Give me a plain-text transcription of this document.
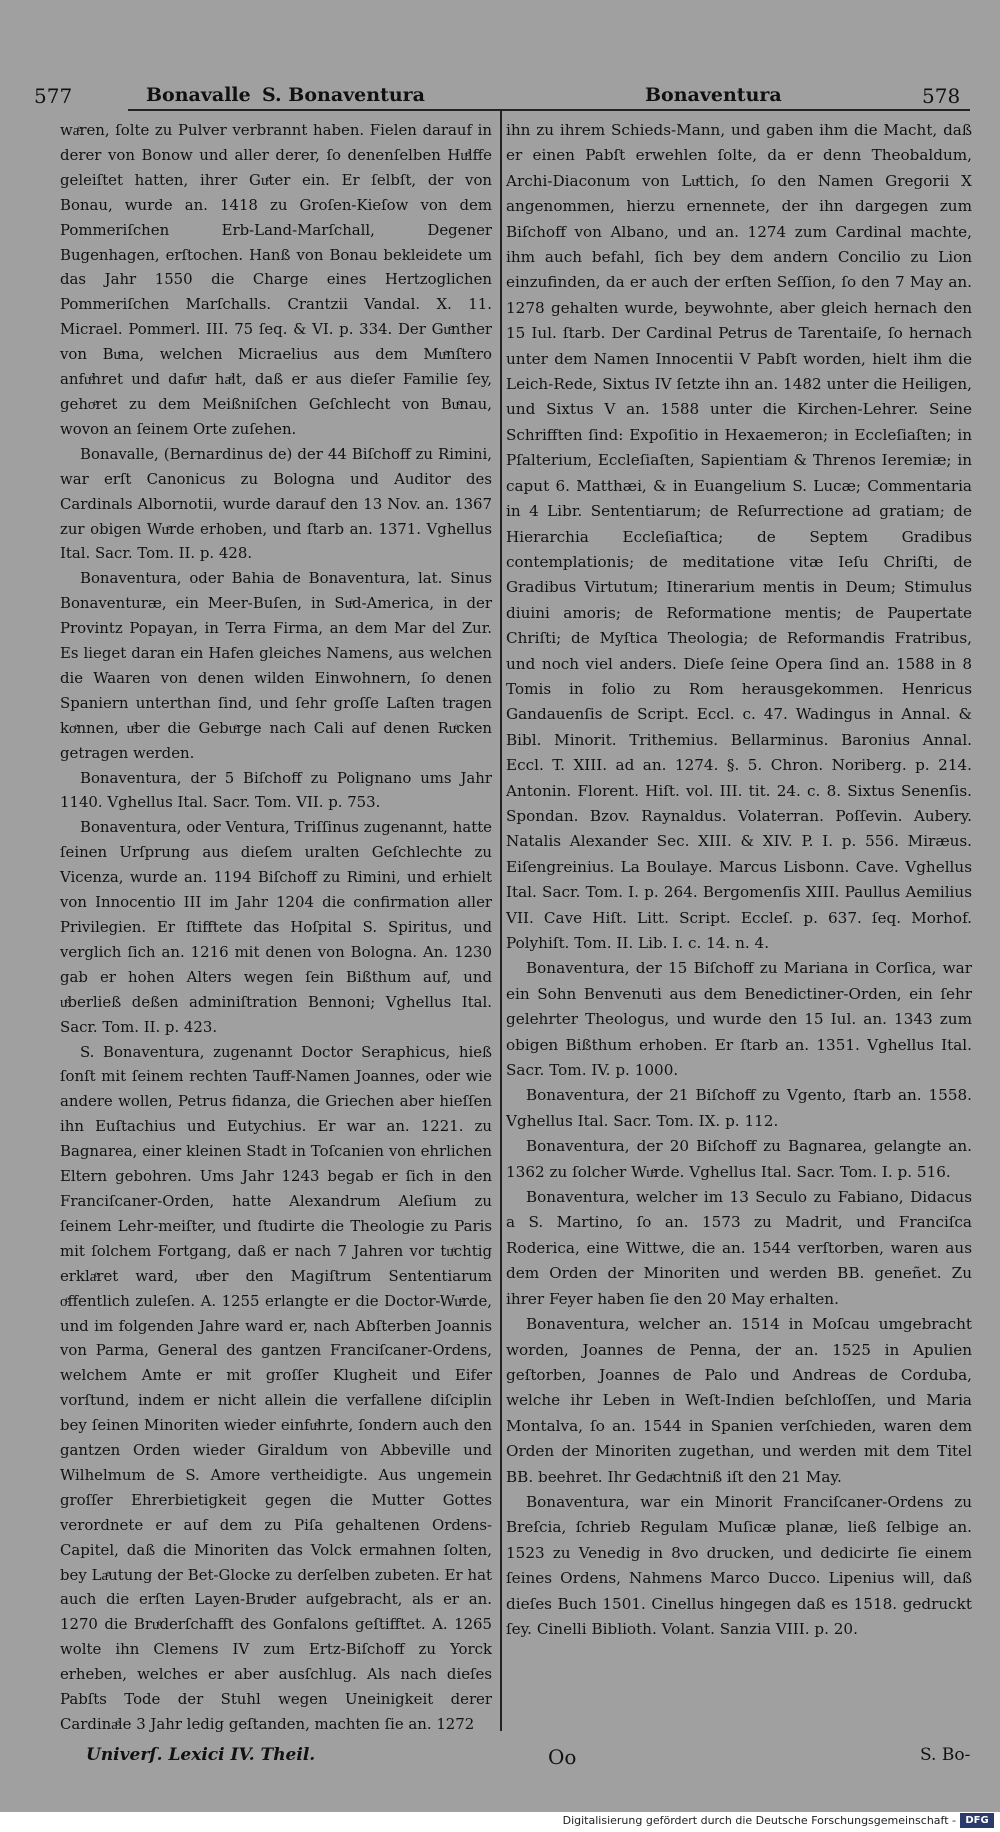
577	Bonavalle S. Bonaventura	Bonaventura	578

waͤren, ſolte zu Pulver verbrannt haben. Fielen darauf in derer von Bonow und aller derer, ſo denenſelben Huͤlffe geleiſtet hatten, ihrer Guͤter ein. Er ſelbſt, der von Bonau, wurde an. 1418 zu Groſen-Kieſow von dem Pommeriſchen Erb-Land-Marſchall, Degener Bugenhagen, erſtochen. Hanß von Bonau bekleidete um das Jahr 1550 die Charge eines Hertzoglichen Pommeriſchen Marſchalls. Crantzii Vandal. X. 11. Micrael. Pommerl. III. 75 ſeq. & VI. p. 334. Der Guͤnther von Buͤna, welchen Micraelius aus dem Muͤnſtero anfuͤhret und dafuͤr haͤlt, daß er aus dieſer Familie ſey, gehoͤret zu dem Meißniſchen Geſchlecht von Buͤnau, wovon an ſeinem Orte zuſehen.

Bonavalle, (Bernardinus de) der 44 Biſchoff zu Rimini, war erſt Canonicus zu Bologna und Auditor des Cardinals Albornotii, wurde darauf den 13 Nov. an. 1367 zur obigen Wuͤrde erhoben, und ſtarb an. 1371. Vghellus Ital. Sacr. Tom. II. p. 428.

Bonaventura, oder Bahia de Bonaventura, lat. Sinus Bonaventuræ, ein Meer-Buſen, in Suͤd-America, in der Provintz Popayan, in Terra Firma, an dem Mar del Zur. Es lieget daran ein Hafen gleiches Namens, aus welchen die Waaren von denen wilden Einwohnern, ſo denen Spaniern unterthan ſind, und ſehr groſſe Laſten tragen koͤnnen, uͤber die Gebuͤrge nach Cali auf denen Ruͤcken getragen werden.

Bonaventura, der 5 Biſchoff zu Polignano ums Jahr 1140. Vghellus Ital. Sacr. Tom. VII. p. 753.

Bonaventura, oder Ventura, Triſſinus zugenannt, hatte ſeinen Urſprung aus dieſem uralten Geſchlechte zu Vicenza, wurde an. 1194 Biſchoff zu Rimini, und erhielt von Innocentio III im Jahr 1204 die confirmation aller Privilegien. Er ſtifftete das Hoſpital S. Spiritus, und verglich ſich an. 1216 mit denen von Bologna. An. 1230 gab er hohen Alters wegen ſein Bißthum auf, und uͤberließ deßen adminiſtration Bennoni; Vghellus Ital. Sacr. Tom. II. p. 423.

S. Bonaventura, zugenannt Doctor Seraphicus, hieß ſonſt mit ſeinem rechten Tauff-Namen Joannes, oder wie andere wollen, Petrus fidanza, die Griechen aber hieſſen ihn Euſtachius und Eutychius. Er war an. 1221. zu Bagnarea, einer kleinen Stadt in Toſcanien von ehrlichen Eltern gebohren. Ums Jahr 1243 begab er ſich in den Franciſcaner-Orden, hatte Alexandrum Aleſium zu ſeinem Lehr-meiſter, und ſtudirte die Theologie zu Paris mit ſolchem Fortgang, daß er nach 7 Jahren vor tuͤchtig erklaͤret ward, uͤber den Magiſtrum Sententiarum oͤffentlich zuleſen. A. 1255 erlangte er die Doctor-Wuͤrde, und im folgenden Jahre ward er, nach Abſterben Joannis von Parma, General des gantzen Franciſcaner-Ordens, welchem Amte er mit groſſer Klugheit und Eifer vorſtund, indem er nicht allein die verfallene diſciplin bey ſeinen Minoriten wieder einfuͤhrte, ſondern auch den gantzen Orden wieder Giraldum von Abbeville und Wilhelmum de S. Amore vertheidigte. Aus ungemein groſſer Ehrerbietigkeit gegen die Mutter Gottes verordnete er auf dem zu Piſa gehaltenen Ordens-Capitel, daß die Minoriten das Volck ermahnen ſolten, bey Laͤutung der Bet-Glocke zu derſelben zubeten. Er hat auch die erſten Layen-Bruͤder aufgebracht, als er an. 1270 die Bruͤderſchafft des Gonfalons geſtifftet. A. 1265 wolte ihn Clemens IV zum Ertz-Biſchoff zu Yorck erheben, welches er aber ausſchlug. Als nach dieſes Pabſts Tode der Stuhl wegen Uneinigkeit derer Cardinaͤle 3 Jahr ledig geſtanden, machten ſie an. 1272

ihn zu ihrem Schieds-Mann, und gaben ihm die Macht, daß er einen Pabſt erwehlen ſolte, da er denn Theobaldum, Archi-Diaconum von Luͤttich, ſo den Namen Gregorii X angenommen, hierzu ernennete, der ihn dargegen zum Biſchoff von Albano, und an. 1274 zum Cardinal machte, ihm auch befahl, ſich bey dem andern Concilio zu Lion einzufinden, da er auch der erſten Seſſion, ſo den 7 May an. 1278 gehalten wurde, beywohnte, aber gleich hernach den 15 Iul. ſtarb. Der Cardinal Petrus de Tarentaiſe, ſo hernach unter dem Namen Innocentii V Pabſt worden, hielt ihm die Leich-Rede, Sixtus IV ſetzte ihn an. 1482 unter die Heiligen, und Sixtus V an. 1588 unter die Kirchen-Lehrer. Seine Schrifften ſind: Expoſitio in Hexaemeron; in Eccleſiaſten; in Pſalterium, Eccleſiaſten, Sapientiam & Threnos Ieremiæ; in caput 6. Matthæi, & in Euangelium S. Lucæ; Commentaria in 4 Libr. Sententiarum; de Reſurrectione ad gratiam; de Hierarchia Eccleſiaſtica; de Septem Gradibus contemplationis; de meditatione vitæ Ieſu Chriſti, de Gradibus Virtutum; Itinerarium mentis in Deum; Stimulus diuini amoris; de Reformatione mentis; de Paupertate Chriſti; de Myſtica Theologia; de Reformandis Fratribus, und noch viel anders. Dieſe ſeine Opera ſind an. 1588 in 8 Tomis in folio zu Rom herausgekommen. Henricus Gandauenſis de Script. Eccl. c. 47. Wadingus in Annal. & Bibl. Minorit. Trithemius. Bellarminus. Baronius Annal. Eccl. T. XIII. ad an. 1274. §. 5. Chron. Noriberg. p. 214. Antonin. Florent. Hiſt. vol. III. tit. 24. c. 8. Sixtus Senenſis. Spondan. Bzov. Raynaldus. Volaterran. Poſſevin. Aubery. Natalis Alexander Sec. XIII. & XIV. P. I. p. 556. Miræus. Eiſengreinius. La Boulaye. Marcus Lisbonn. Cave. Vghellus Ital. Sacr. Tom. I. p. 264. Bergomenſis XIII. Paullus Aemilius VII. Cave Hiſt. Litt. Script. Eccleſ. p. 637. ſeq. Morhof. Polyhiſt. Tom. II. Lib. I. c. 14. n. 4.

Bonaventura, der 15 Biſchoff zu Mariana in Corſica, war ein Sohn Benvenuti aus dem Benedictiner-Orden, ein ſehr gelehrter Theologus, und wurde den 15 Iul. an. 1343 zum obigen Bißthum erhoben. Er ſtarb an. 1351. Vghellus Ital. Sacr. Tom. IV. p. 1000.

Bonaventura, der 21 Biſchoff zu Vgento, ſtarb an. 1558. Vghellus Ital. Sacr. Tom. IX. p. 112.

Bonaventura, der 20 Biſchoff zu Bagnarea, gelangte an. 1362 zu ſolcher Wuͤrde. Vghellus Ital. Sacr. Tom. I. p. 516.

Bonaventura, welcher im 13 Seculo zu Fabiano, Didacus a S. Martino, ſo an. 1573 zu Madrit, und Franciſca Roderica, eine Wittwe, die an. 1544 verſtorben, waren aus dem Orden der Minoriten und werden BB. geneñet. Zu ihrer Feyer haben ſie den 20 May erhalten.

Bonaventura, welcher an. 1514 in Moſcau umgebracht worden, Joannes de Penna, der an. 1525 in Apulien geſtorben, Joannes de Palo und Andreas de Corduba, welche ihr Leben in Weſt-Indien beſchloſſen, und Maria Montalva, ſo an. 1544 in Spanien verſchieden, waren dem Orden der Minoriten zugethan, und werden mit dem Titel BB. beehret. Ihr Gedaͤchtniß iſt den 21 May.

Bonaventura, war ein Minorit Franciſcaner-Ordens zu Breſcia, ſchrieb Regulam Muſicæ planæ, ließ ſelbige an. 1523 zu Venedig in 8vo drucken, und dedicirte ſie einem ſeines Ordens, Nahmens Marco Ducco. Lipenius will, daß dieſes Buch 1501. Cinellus hingegen daß es 1518. gedruckt ſey. Cinelli Biblioth. Volant. Sanzia VIII. p. 20.

Univerſ. Lexici IV. Theil.	Oo	S. Bo-
Digitalisierung gefördert durch die Deutsche Forschungsgemeinschaft - DFG
